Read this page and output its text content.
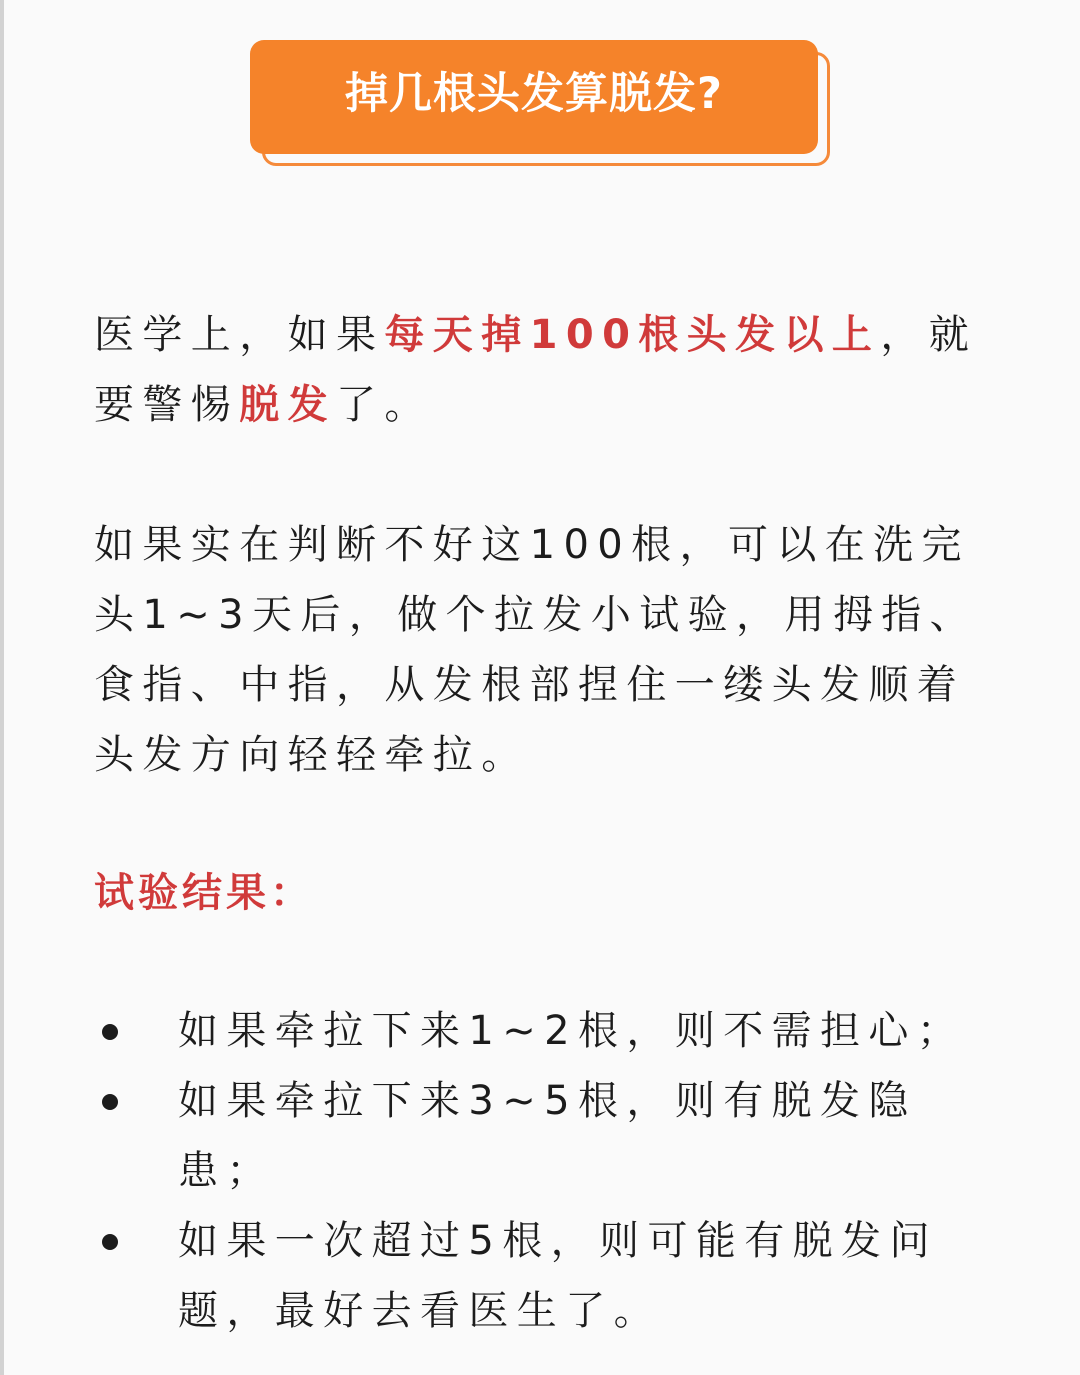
掉几根头发算脱发?

医学上，如果每天掉100根头发以上，就要警惕脱发了。

如果实在判断不好这100根，可以在洗完头1~3天后，做个拉发小试验，用拇指、食指、中指，从发根部捏住一缕头发顺着头发方向轻轻牵拉。

试验结果：
如果牵拉下来1~2根，则不需担心；
如果牵拉下来3~5根，则有脱发隐患；
如果一次超过5根，则可能有脱发问题，最好去看医生了。
